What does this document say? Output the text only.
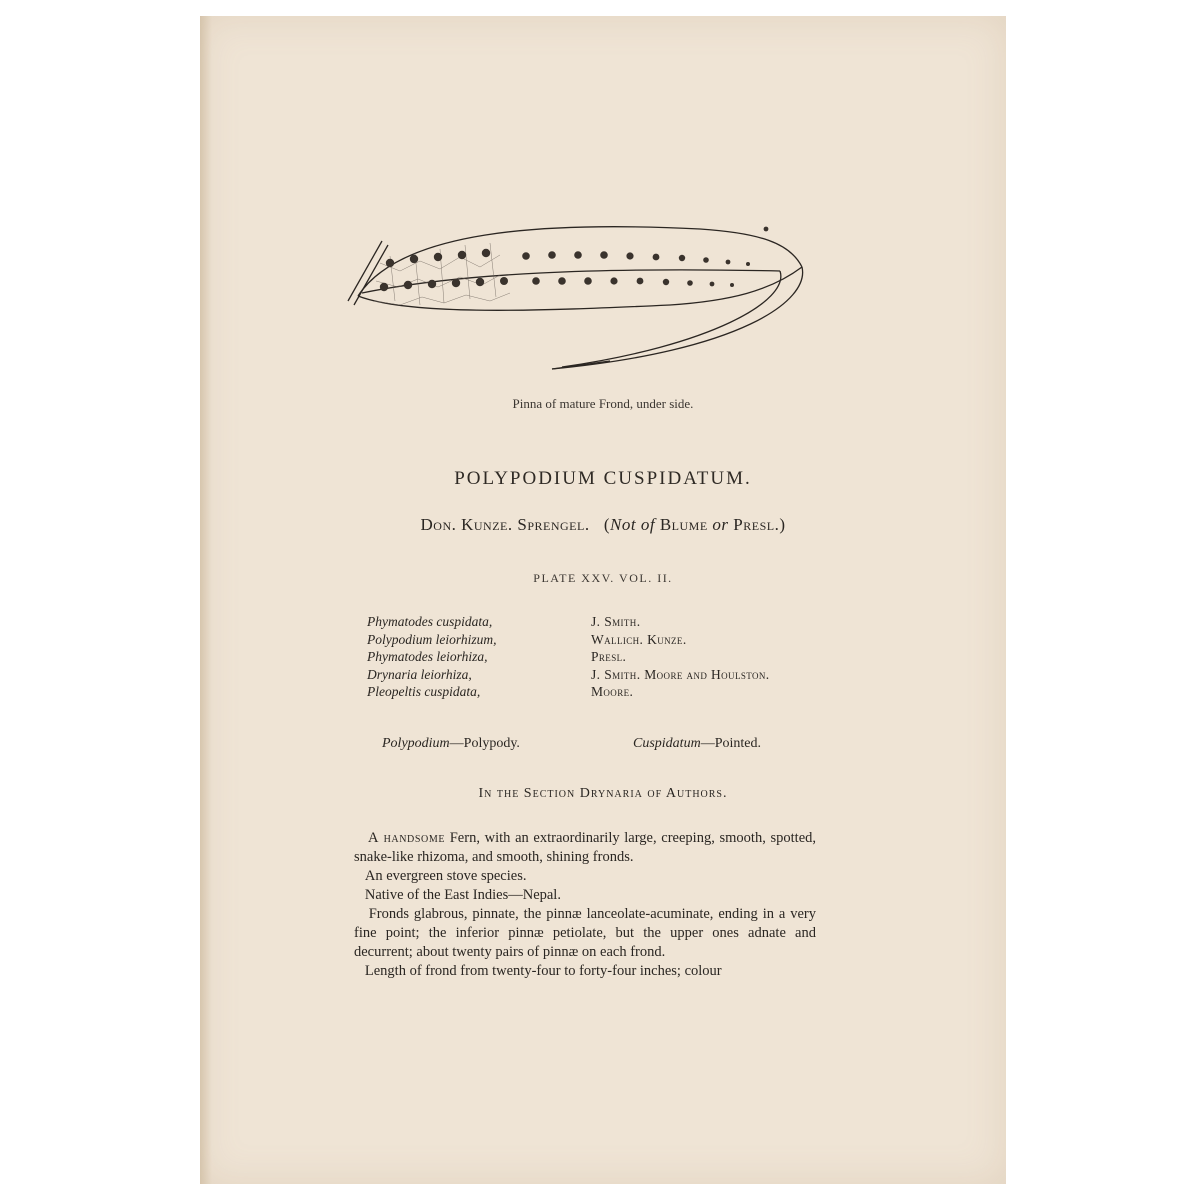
Pinna of mature Frond, under side.
POLYPODIUM CUSPIDATUM.
Don. Kunze. Sprengel. (Not of Blume or Presl.)
PLATE XXV. VOL. II.
Phymatodes cuspidata,	J. Smith.
Polypodium leiorhizum,	Wallich. Kunze.
Phymatodes leiorhiza,	Presl.
Drynaria leiorhiza,	J. Smith. Moore and Houlston.
Pleopeltis cuspidata,	Moore.
Polypodium—Polypody.	Cuspidatum—Pointed.
In the Section Drynaria of Authors.

A handsome Fern, with an extraordinarily large, creeping, smooth, spotted, snake-like rhizoma, and smooth, shining fronds.

An evergreen stove species.

Native of the East Indies—Nepal.

Fronds glabrous, pinnate, the pinnæ lanceolate-acuminate, ending in a very fine point; the inferior pinnæ petiolate, but the upper ones adnate and decurrent; about twenty pairs of pinnæ on each frond.

Length of frond from twenty-four to forty-four inches; colour
